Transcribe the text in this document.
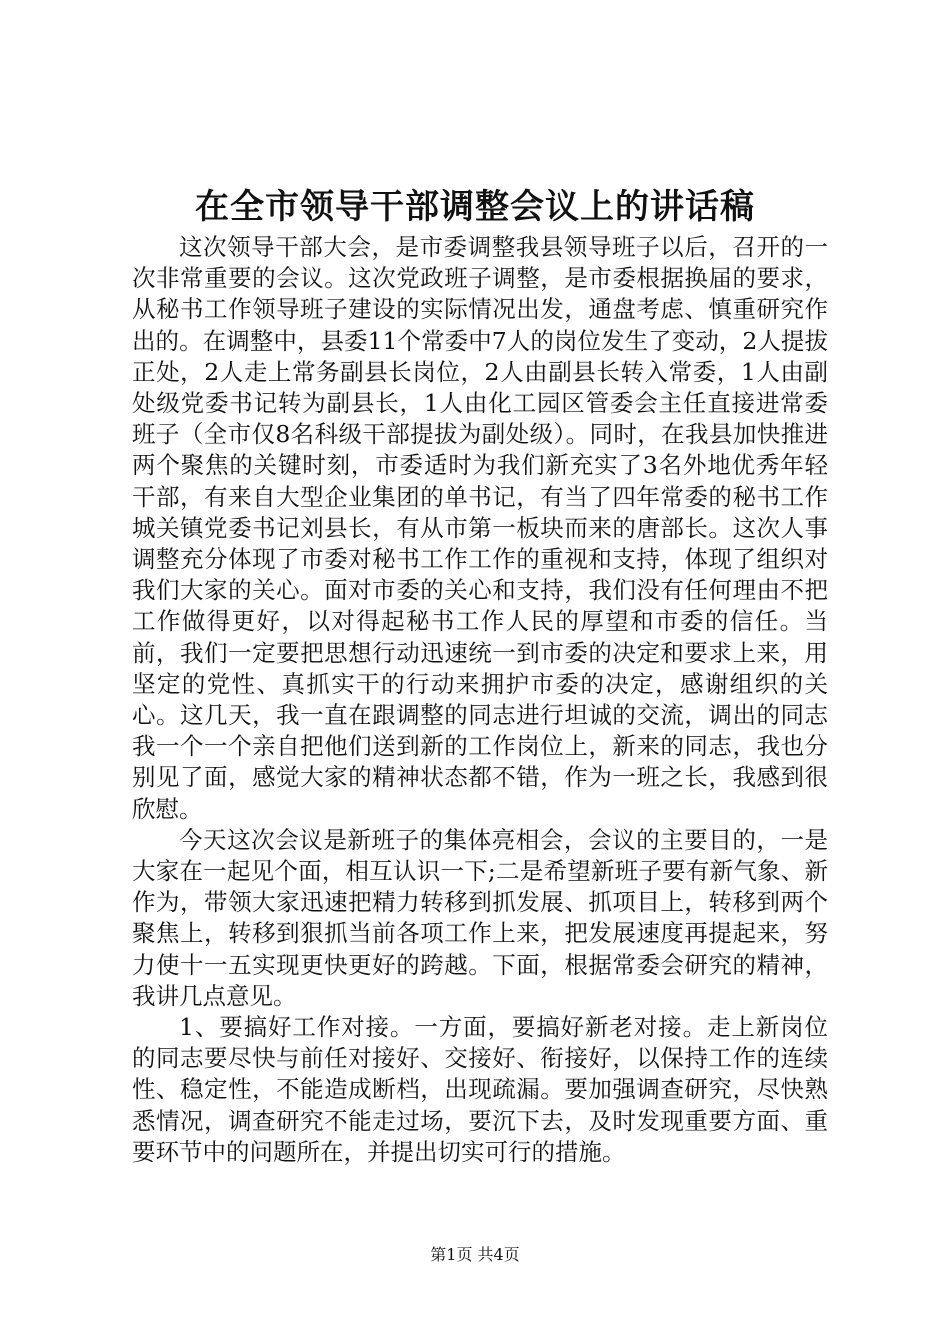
在全市领导干部调整会议上的讲话稿

这次领导干部大会，是市委调整我县领导班子以后，召开的一次非常重要的会议。这次党政班子调整，是市委根据换届的要求，从秘书工作领导班子建设的实际情况出发，通盘考虑、慎重研究作出的。在调整中，县委11个常委中7人的岗位发生了变动，2人提拔正处，2人走上常务副县长岗位，2人由副县长转入常委，1人由副处级党委书记转为副县长，1人由化工园区管委会主任直接进常委班子（全市仅8名科级干部提拔为副处级）。同时，在我县加快推进两个聚焦的关键时刻，市委适时为我们新充实了3名外地优秀年轻干部，有来自大型企业集团的单书记，有当了四年常委的秘书工作城关镇党委书记刘县长，有从市第一板块而来的唐部长。这次人事调整充分体现了市委对秘书工作工作的重视和支持，体现了组织对我们大家的关心。面对市委的关心和支持，我们没有任何理由不把工作做得更好，以对得起秘书工作人民的厚望和市委的信任。当前，我们一定要把思想行动迅速统一到市委的决定和要求上来，用坚定的党性、真抓实干的行动来拥护市委的决定，感谢组织的关心。这几天，我一直在跟调整的同志进行坦诚的交流，调出的同志我一个一个亲自把他们送到新的工作岗位上，新来的同志，我也分别见了面，感觉大家的精神状态都不错，作为一班之长，我感到很欣慰。

今天这次会议是新班子的集体亮相会，会议的主要目的，一是大家在一起见个面，相互认识一下;二是希望新班子要有新气象、新作为，带领大家迅速把精力转移到抓发展、抓项目上，转移到两个聚焦上，转移到狠抓当前各项工作上来，把发展速度再提起来，努力使十一五实现更快更好的跨越。下面，根据常委会研究的精神，我讲几点意见。

1、要搞好工作对接。一方面，要搞好新老对接。走上新岗位的同志要尽快与前任对接好、交接好、衔接好，以保持工作的连续性、稳定性，不能造成断档，出现疏漏。要加强调查研究，尽快熟悉情况，调查研究不能走过场，要沉下去，及时发现重要方面、重要环节中的问题所在，并提出切实可行的措施。

第1页 共4页
